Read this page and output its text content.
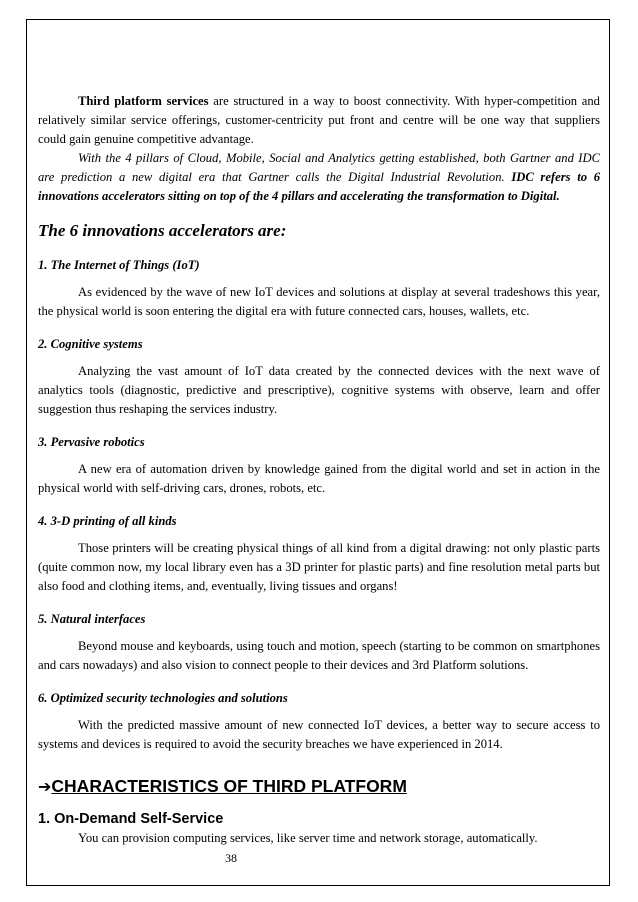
Third platform services are structured in a way to boost connectivity. With hyper-competition and relatively similar service offerings, customer-centricity put front and centre will be one way that suppliers could gain genuine competitive advantage.

With the 4 pillars of Cloud, Mobile, Social and Analytics getting established, both Gartner and IDC are prediction a new digital era that Gartner calls the Digital Industrial Revolution. IDC refers to 6 innovations accelerators sitting on top of the 4 pillars and accelerating the transformation to Digital.

The 6 innovations accelerators are:
1. The Internet of Things (IoT)

As evidenced by the wave of new IoT devices and solutions at display at several tradeshows this year, the physical world is soon entering the digital era with future connected cars, houses, wallets, etc.

2. Cognitive systems

Analyzing the vast amount of IoT data created by the connected devices with the next wave of analytics tools (diagnostic, predictive and prescriptive), cognitive systems with observe, learn and offer suggestion thus reshaping the services industry.

3. Pervasive robotics

A new era of automation driven by knowledge gained from the digital world and set in action in the physical world with self-driving cars, drones, robots, etc.

4. 3-D printing of all kinds

Those printers will be creating physical things of all kind from a digital drawing: not only plastic parts (quite common now, my local library even has a 3D printer for plastic parts) and fine resolution metal parts but also food and clothing items, and, eventually, living tissues and organs!

5. Natural interfaces

Beyond mouse and keyboards, using touch and motion, speech (starting to be common on smartphones and cars nowadays) and also vision to connect people to their devices and 3rd Platform solutions.

6. Optimized security technologies and solutions

With the predicted massive amount of new connected IoT devices, a better way to secure access to systems and devices is required to avoid the security breaches we have experienced in 2014.

➔CHARACTERISTICS OF THIRD PLATFORM
1. On-Demand Self-Service

You can provision computing services, like server time and network storage, automatically.

38
